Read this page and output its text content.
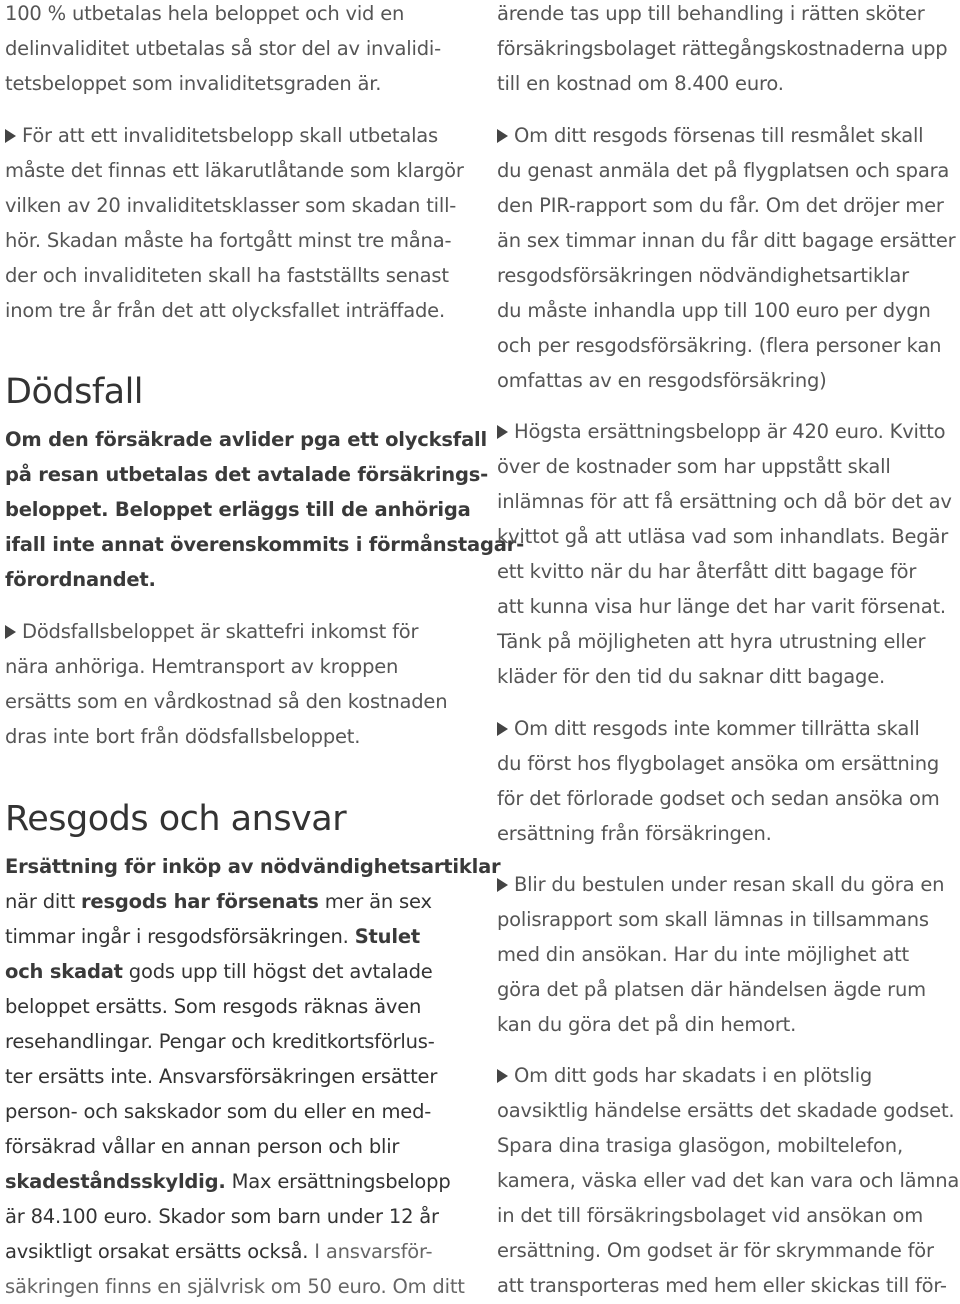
100 % utbetalas hela beloppet och vid en
delinvaliditet utbetalas så stor del av invalidi-
tetsbeloppet som invaliditetsgraden är.
För att ett invaliditetsbelopp skall utbetalas
måste det finnas ett läkarutlåtande som klargör
vilken av 20 invaliditetsklasser som skadan till-
hör. Skadan måste ha fortgått minst tre måna-
der och invaliditeten skall ha fastställts senast
inom tre år från det att olycksfallet inträffade.
Dödsfall
Om den försäkrade avlider pga ett olycksfall
på resan utbetalas det avtalade försäkrings-
beloppet. Beloppet erläggs till de anhöriga
ifall inte annat överenskommits i förmånstagar-
förordnandet.
Dödsfallsbeloppet är skattefri inkomst för
nära anhöriga. Hemtransport av kroppen
ersätts som en vårdkostnad så den kostnaden
dras inte bort från dödsfallsbeloppet.
Resgods och ansvar
Ersättning för inköp av nödvändighetsartiklar
när ditt resgods har försenats mer än sex
timmar ingår i resgodsförsäkringen. Stulet
och skadat gods upp till högst det avtalade
beloppet ersätts. Som resgods räknas även
resehandlingar. Pengar och kreditkortsförlus-
ter ersätts inte. Ansvarsförsäkringen ersätter
person- och sakskador som du eller en med-
försäkrad vållar en annan person och blir
skadeståndsskyldig. Max ersättningsbelopp
är 84.100 euro. Skador som barn under 12 år
avsiktligt orsakat ersätts också. I ansvarsför-
säkringen finns en självrisk om 50 euro. Om ditt
ärende tas upp till behandling i rätten sköter
försäkringsbolaget rättegångskostnaderna upp
till en kostnad om 8.400 euro.
Om ditt resgods försenas till resmålet skall
du genast anmäla det på flygplatsen och spara
den PIR-rapport som du får. Om det dröjer mer
än sex timmar innan du får ditt bagage ersätter
resgodsförsäkringen nödvändighetsartiklar
du måste inhandla upp till 100 euro per dygn
och per resgodsförsäkring. (flera personer kan
omfattas av en resgodsförsäkring)
Högsta ersättningsbelopp är 420 euro. Kvitto
över de kostnader som har uppstått skall
inlämnas för att få ersättning och då bör det av
kvittot gå att utläsa vad som inhandlats. Begär
ett kvitto när du har återfått ditt bagage för
att kunna visa hur länge det har varit försenat.
Tänk på möjligheten att hyra utrustning eller
kläder för den tid du saknar ditt bagage.
Om ditt resgods inte kommer tillrätta skall
du först hos flygbolaget ansöka om ersättning
för det förlorade godset och sedan ansöka om
ersättning från försäkringen.
Blir du bestulen under resan skall du göra en
polisrapport som skall lämnas in tillsammans
med din ansökan. Har du inte möjlighet att
göra det på platsen där händelsen ägde rum
kan du göra det på din hemort.
Om ditt gods har skadats i en plötslig
oavsiktlig händelse ersätts det skadade godset.
Spara dina trasiga glasögon, mobiltelefon,
kamera, väska eller vad det kan vara och lämna
in det till försäkringsbolaget vid ansökan om
ersättning. Om godset är för skrymmande för
att transporteras med hem eller skickas till för-
